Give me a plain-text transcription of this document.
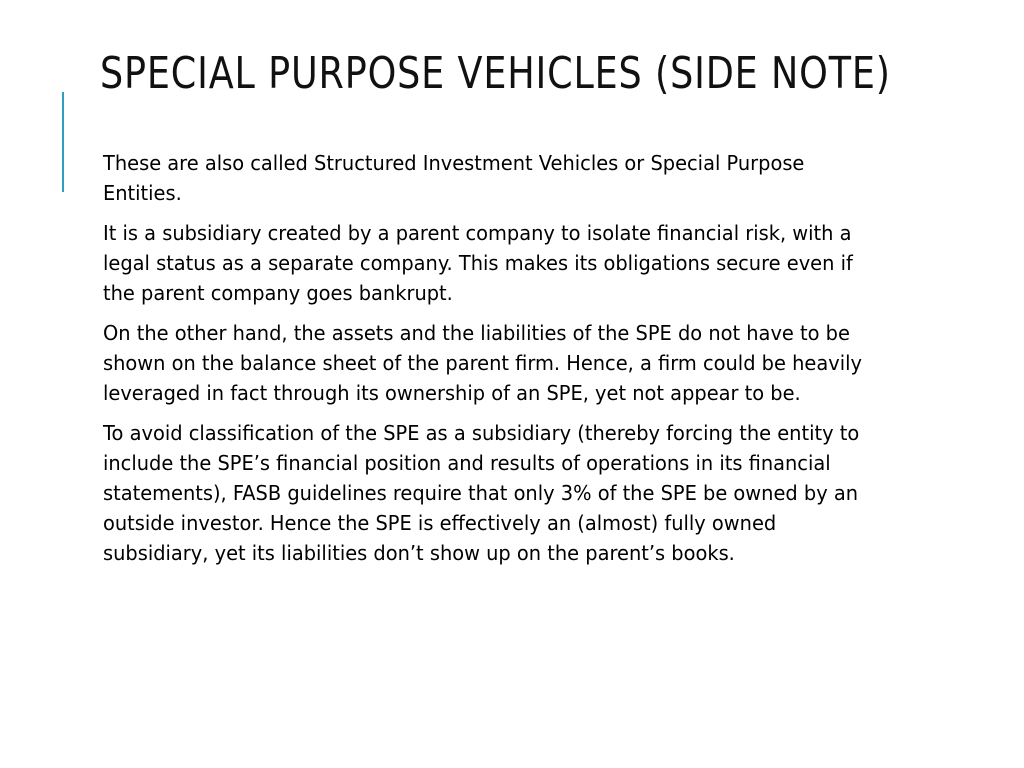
SPECIAL PURPOSE VEHICLES (SIDE NOTE)

These are also called Structured Investment Vehicles or Special Purpose Entities.

It is a subsidiary created by a parent company to isolate financial risk, with a legal status as a separate company. This makes its obligations secure even if the parent company goes bankrupt.

On the other hand, the assets and the liabilities of the SPE do not have to be shown on the balance sheet of the parent firm. Hence, a firm could be heavily leveraged in fact through its ownership of an SPE, yet not appear to be.

To avoid classification of the SPE as a subsidiary (thereby forcing the entity to include the SPE’s financial position and results of operations in its financial statements), FASB guidelines require that only 3% of the SPE be owned by an outside investor. Hence the SPE is effectively an (almost) fully owned subsidiary, yet its liabilities don’t show up on the parent’s books.
